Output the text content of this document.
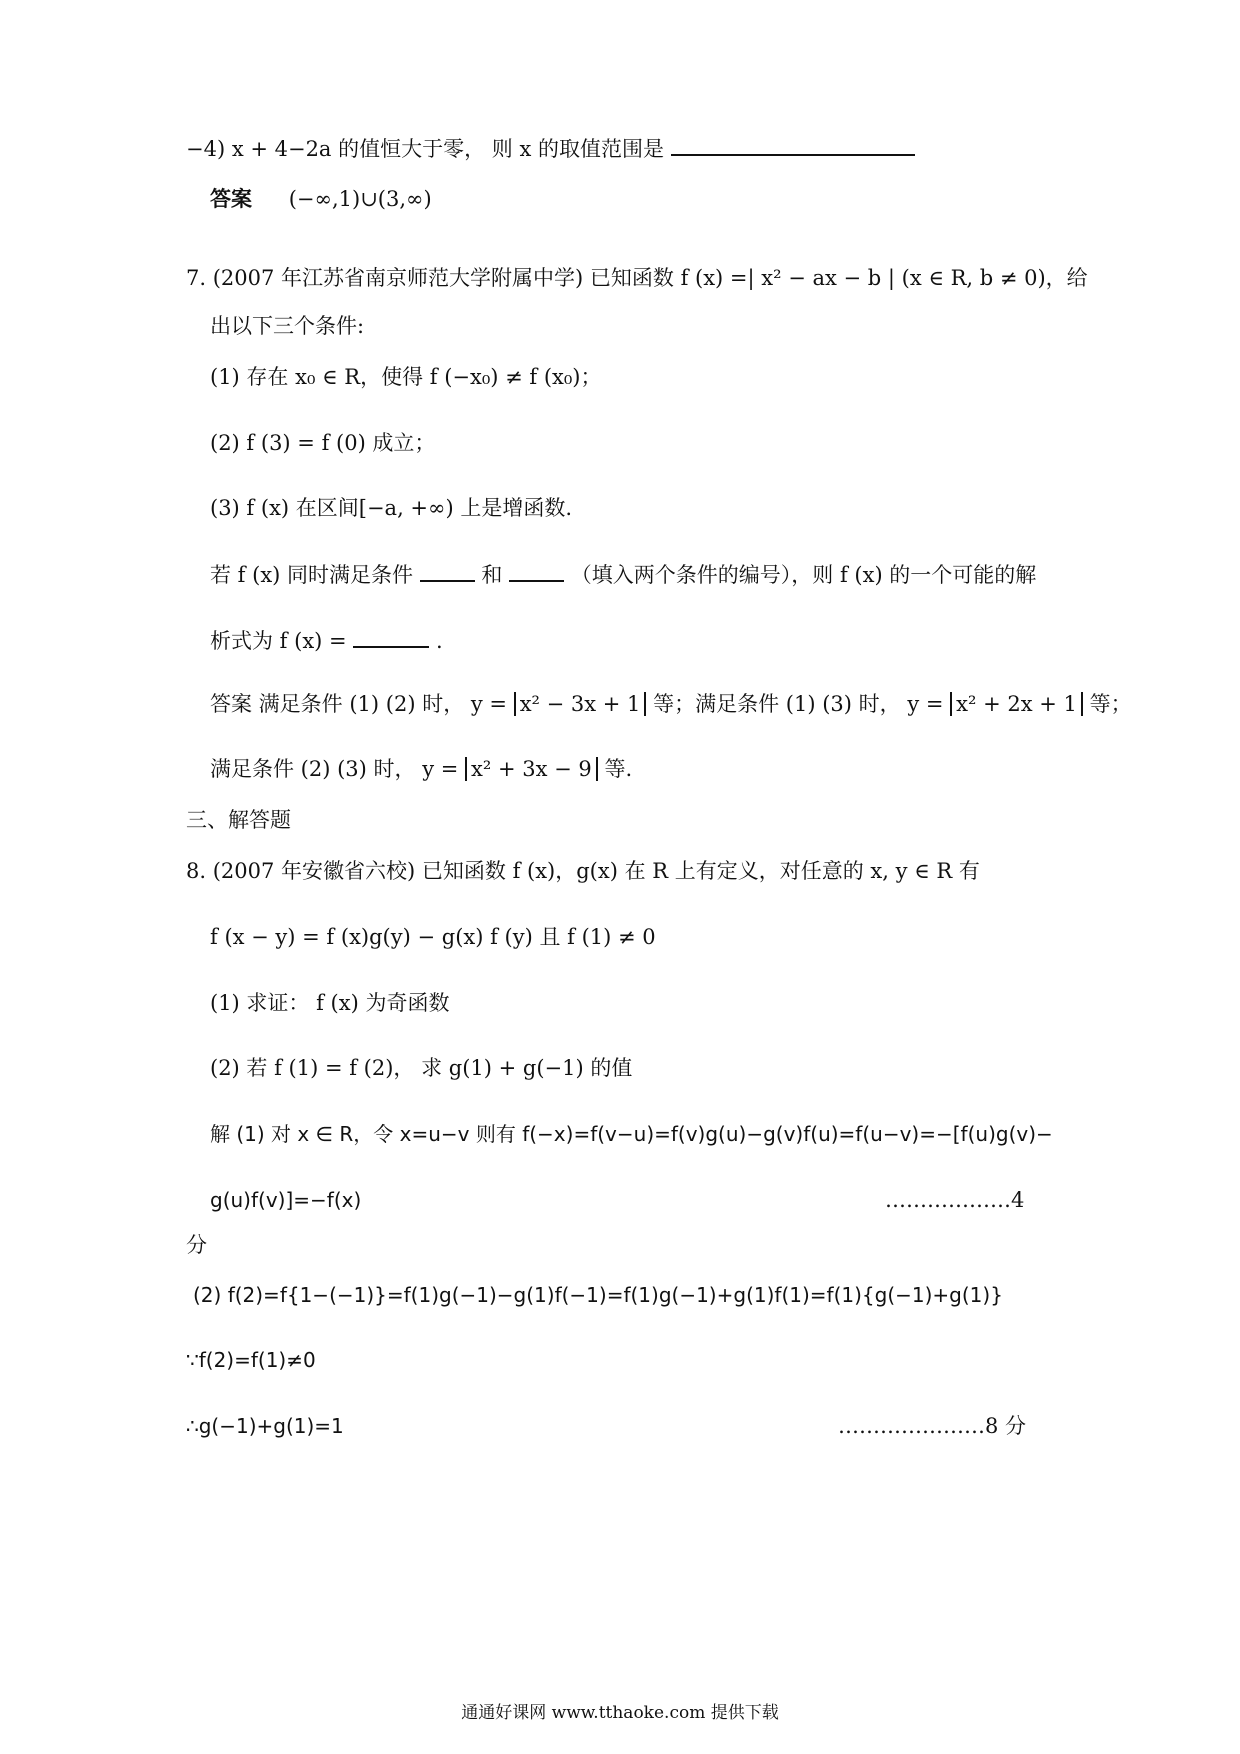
−4) x + 4−2a 的值恒大于零， 则 x 的取值范围是
答案 (−∞,1)∪(3,∞)
7. (2007 年江苏省南京师范大学附属中学) 已知函数 f (x) =| x² − ax − b | (x ∈ R, b ≠ 0)，给
出以下三个条件:
(1) 存在 x₀ ∈ R，使得 f (−x₀) ≠ f (x₀)；
(2) f (3) = f (0) 成立；
(3) f (x) 在区间[−a, +∞) 上是增函数.
若 f (x) 同时满足条件	和	（填入两个条件的编号），则 f (x) 的一个可能的解
析式为 f (x) =	.
答案 满足条件 (1) (2) 时， y = x² − 3x + 1 等；满足条件 (1) (3) 时， y = x² + 2x + 1 等；
满足条件 (2) (3) 时， y = x² + 3x − 9 等.
三、解答题
8. (2007 年安徽省六校) 已知函数 f (x)，g(x) 在 R 上有定义，对任意的 x, y ∈ R 有
f (x − y) = f (x)g(y) − g(x) f (y) 且 f (1) ≠ 0
(1) 求证： f (x) 为奇函数
(2) 若 f (1) = f (2)， 求 g(1) + g(−1) 的值
解 (1) 对 x ∈ R，令 x=u−v 则有 f(−x)=f(v−u)=f(v)g(u)−g(v)f(u)=f(u−v)=−[f(u)g(v)−
g(u)f(v)]=−f(x)	………………4
分
(2) f(2)=f{1−(−1)}=f(1)g(−1)−g(1)f(−1)=f(1)g(−1)+g(1)f(1)=f(1){g(−1)+g(1)}
∵f(2)=f(1)≠0
∴g(−1)+g(1)=1	…………………8 分
通通好课网 www.tthaoke.com 提供下载
